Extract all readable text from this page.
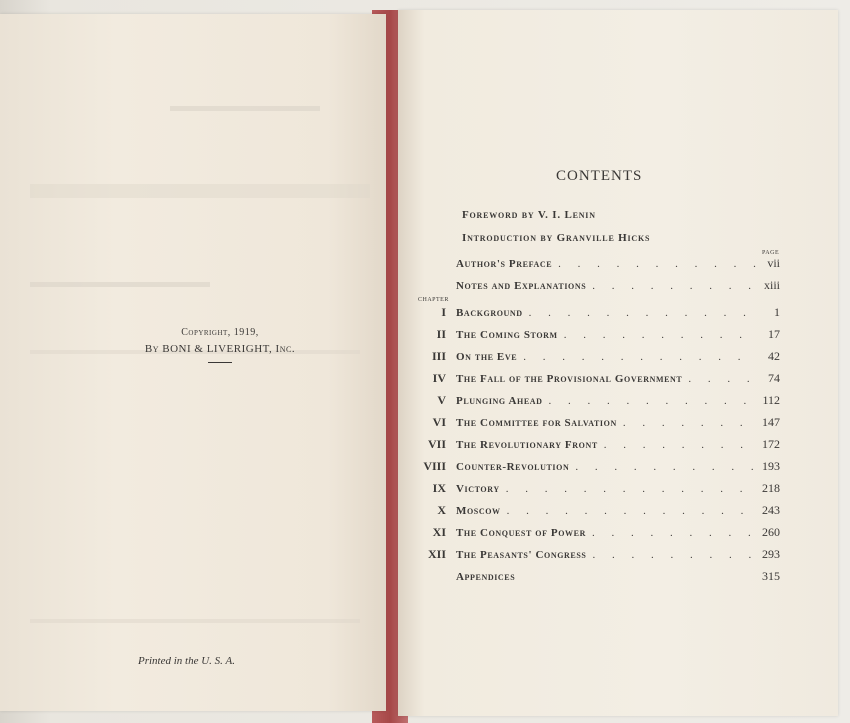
Copyright, 1919,
By BONI & LIVERIGHT, Inc.
Printed in the U. S. A.
CONTENTS
Foreword by V. I. Lenin
Introduction by Granville Hicks
PAGE
CHAPTER
Author's Preface . . .	vii
Notes and Explanations . . .	xiii
I Background . . .	1
II The Coming Storm . . .	17
III On the Eve . . .	42
IV The Fall of the Provisional Government . . .	74
V Plunging Ahead . . .	112
VI The Committee for Salvation . . .	147
VII The Revolutionary Front . . .	172
VIII Counter-Revolution . . .	193
IX Victory . . .	218
X Moscow . . .	243
XI The Conquest of Power . . .	260
XII The Peasants' Congress . . .	293
Appendices	315
